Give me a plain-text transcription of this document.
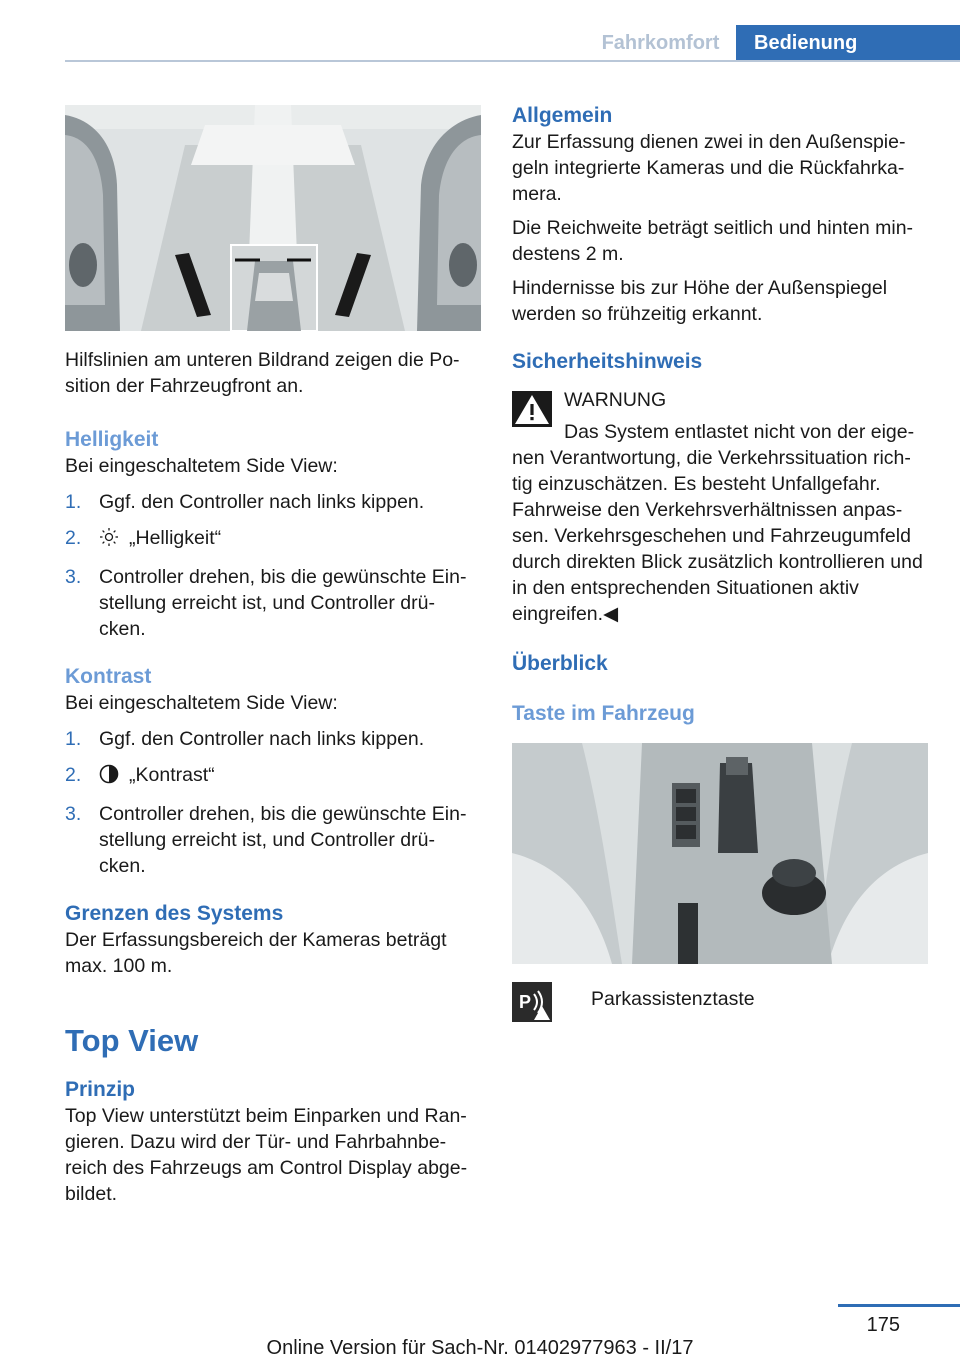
Fahrkomfort	Bedienung

Hilfslinien am unteren Bildrand zeigen die Po‐ sition der Fahrzeugfront an.

Helligkeit

Bei eingeschaltetem Side View:

1. Ggf. den Controller nach links kippen.
2.	„Helligkeit“
3. Controller drehen, bis die gewünschte Ein‐ stellung erreicht ist, und Controller drü‐ cken.
Kontrast

Bei eingeschaltetem Side View:

1. Ggf. den Controller nach links kippen.
2.	„Kontrast“
3. Controller drehen, bis die gewünschte Ein‐ stellung erreicht ist, und Controller drü‐ cken.
Grenzen des Systems

Der Erfassungsbereich der Kameras beträgt max. 100 m.

Top View
Prinzip

Top View unterstützt beim Einparken und Ran‐ gieren. Dazu wird der Tür- und Fahrbahnbe‐ reich des Fahrzeugs am Control Display abge‐ bildet.

Allgemein

Zur Erfassung dienen zwei in den Außenspie‐ geln integrierte Kameras und die Rückfahrka‐ mera.

Die Reichweite beträgt seitlich und hinten min‐ destens 2 m.

Hindernisse bis zur Höhe der Außenspiegel werden so frühzeitig erkannt.

Sicherheitshinweis

WARNUNG

Das System entlastet nicht von der eige‐

nen Verantwortung, die Verkehrssituation rich‐ tig einzuschätzen. Es besteht Unfallgefahr. Fahrweise den Verkehrsverhältnissen anpas‐ sen. Verkehrsgeschehen und Fahrzeugumfeld durch direkten Blick zusätzlich kontrollieren und in den entsprechenden Situationen aktiv eingreifen.◀

Überblick
Taste im Fahrzeug
P	Parkassistenztaste
175
Online Version für Sach-Nr. 01402977963 - II/17
